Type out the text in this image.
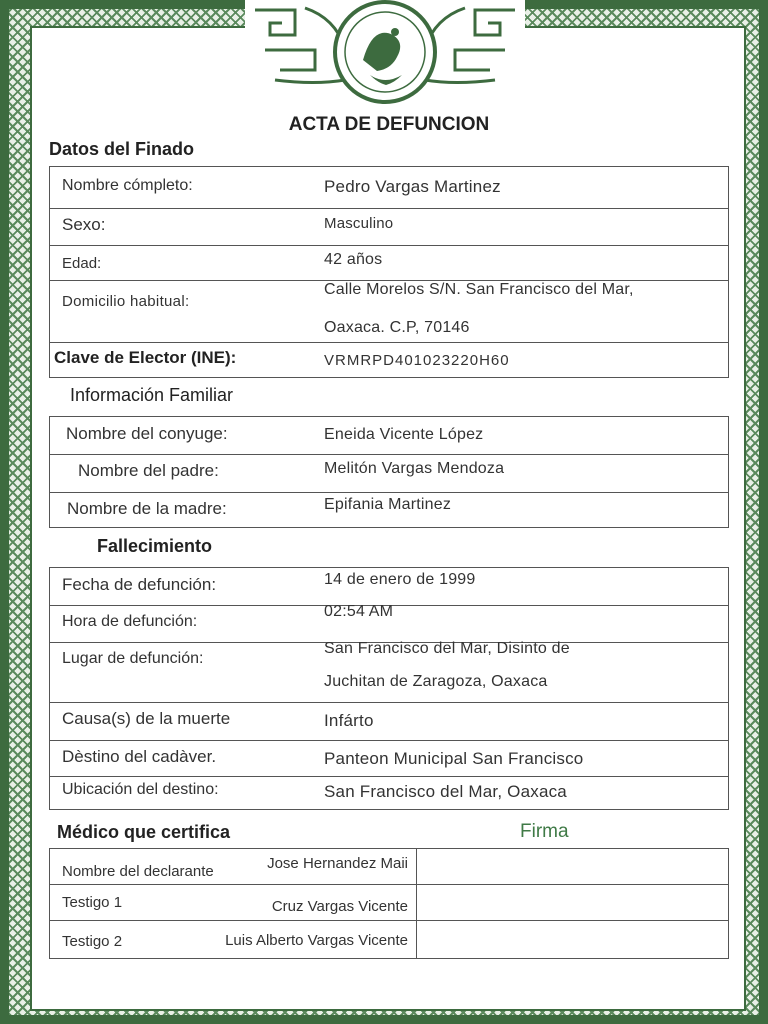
ACTA DE DEFUNCION
Datos del Finado
Nombre cómpleto:	Pedro Vargas Martinez
Sexo:	Masculino
Edad:	42 años
Domicilio habitual:
Calle Morelos S/N. San Francisco del Mar,
Oaxaca. C.P, 70146
Clave de Elector (INE):	VRMRPD401023220H60
Información Familiar
Nombre del conyuge:	Eneida Vicente López
Nombre del padre:	Melitón Vargas Mendoza
Nombre de la madre:	Epifania Martinez
Fallecimiento
Fecha de defunción:	14 de enero de 1999
Hora de defunción:
02:54 AM
Lugar de defunción:
San Francisco del Mar, Disinto de
Juchitan de Zaragoza, Oaxaca
Causa(s) de la muerte	Infárto
Dèstino del cadàver.	Panteon Municipal San Francisco
Ubicación del destino:	San Francisco del Mar, Oaxaca
Médico que certifica	Firma
Nombre del declarante	Jose Hernandez Maii
Testigo 1	Cruz Vargas Vicente
Testigo 2	Luis Alberto Vargas Vicente
